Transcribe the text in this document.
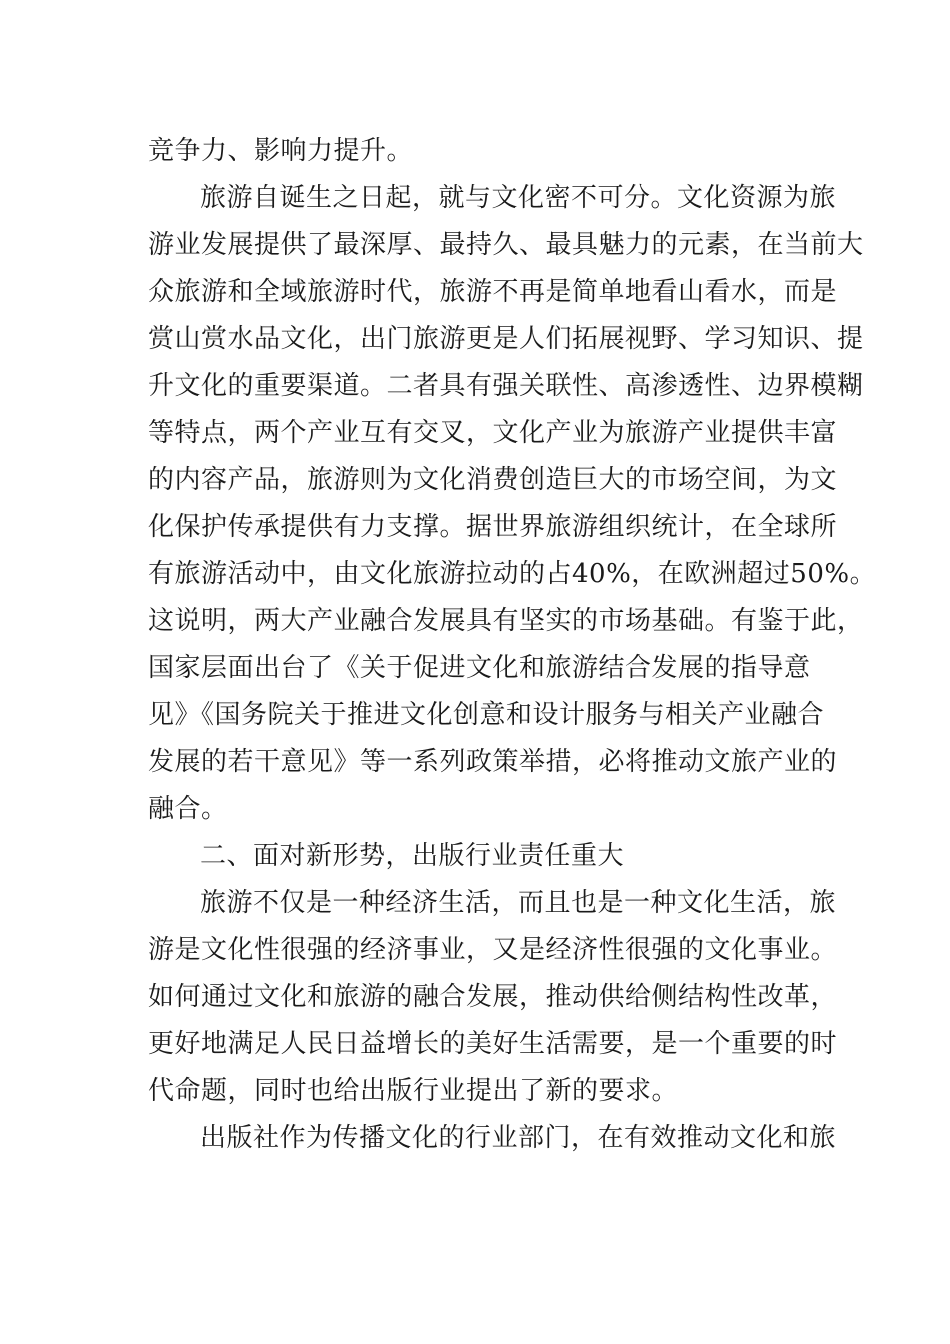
竞争力、影响力提升。
旅游自诞生之日起，就与文化密不可分。文化资源为旅
游业发展提供了最深厚、最持久、最具魅力的元素，在当前大
众旅游和全域旅游时代，旅游不再是简单地看山看水，而是
赏山赏水品文化，出门旅游更是人们拓展视野、学习知识、提
升文化的重要渠道。二者具有强关联性、高渗透性、边界模糊
等特点，两个产业互有交叉，文化产业为旅游产业提供丰富
的内容产品，旅游则为文化消费创造巨大的市场空间，为文
化保护传承提供有力支撑。据世界旅游组织统计，在全球所
有旅游活动中，由文化旅游拉动的占40%，在欧洲超过50%。
这说明，两大产业融合发展具有坚实的市场基础。有鉴于此，
国家层面出台了《关于促进文化和旅游结合发展的指导意
见》《国务院关于推进文化创意和设计服务与相关产业融合
发展的若干意见》等一系列政策举措，必将推动文旅产业的
融合。
二、面对新形势，出版行业责任重大
旅游不仅是一种经济生活，而且也是一种文化生活，旅
游是文化性很强的经济事业，又是经济性很强的文化事业。
如何通过文化和旅游的融合发展，推动供给侧结构性改革，
更好地满足人民日益增长的美好生活需要，是一个重要的时
代命题，同时也给出版行业提出了新的要求。
出版社作为传播文化的行业部门，在有效推动文化和旅
